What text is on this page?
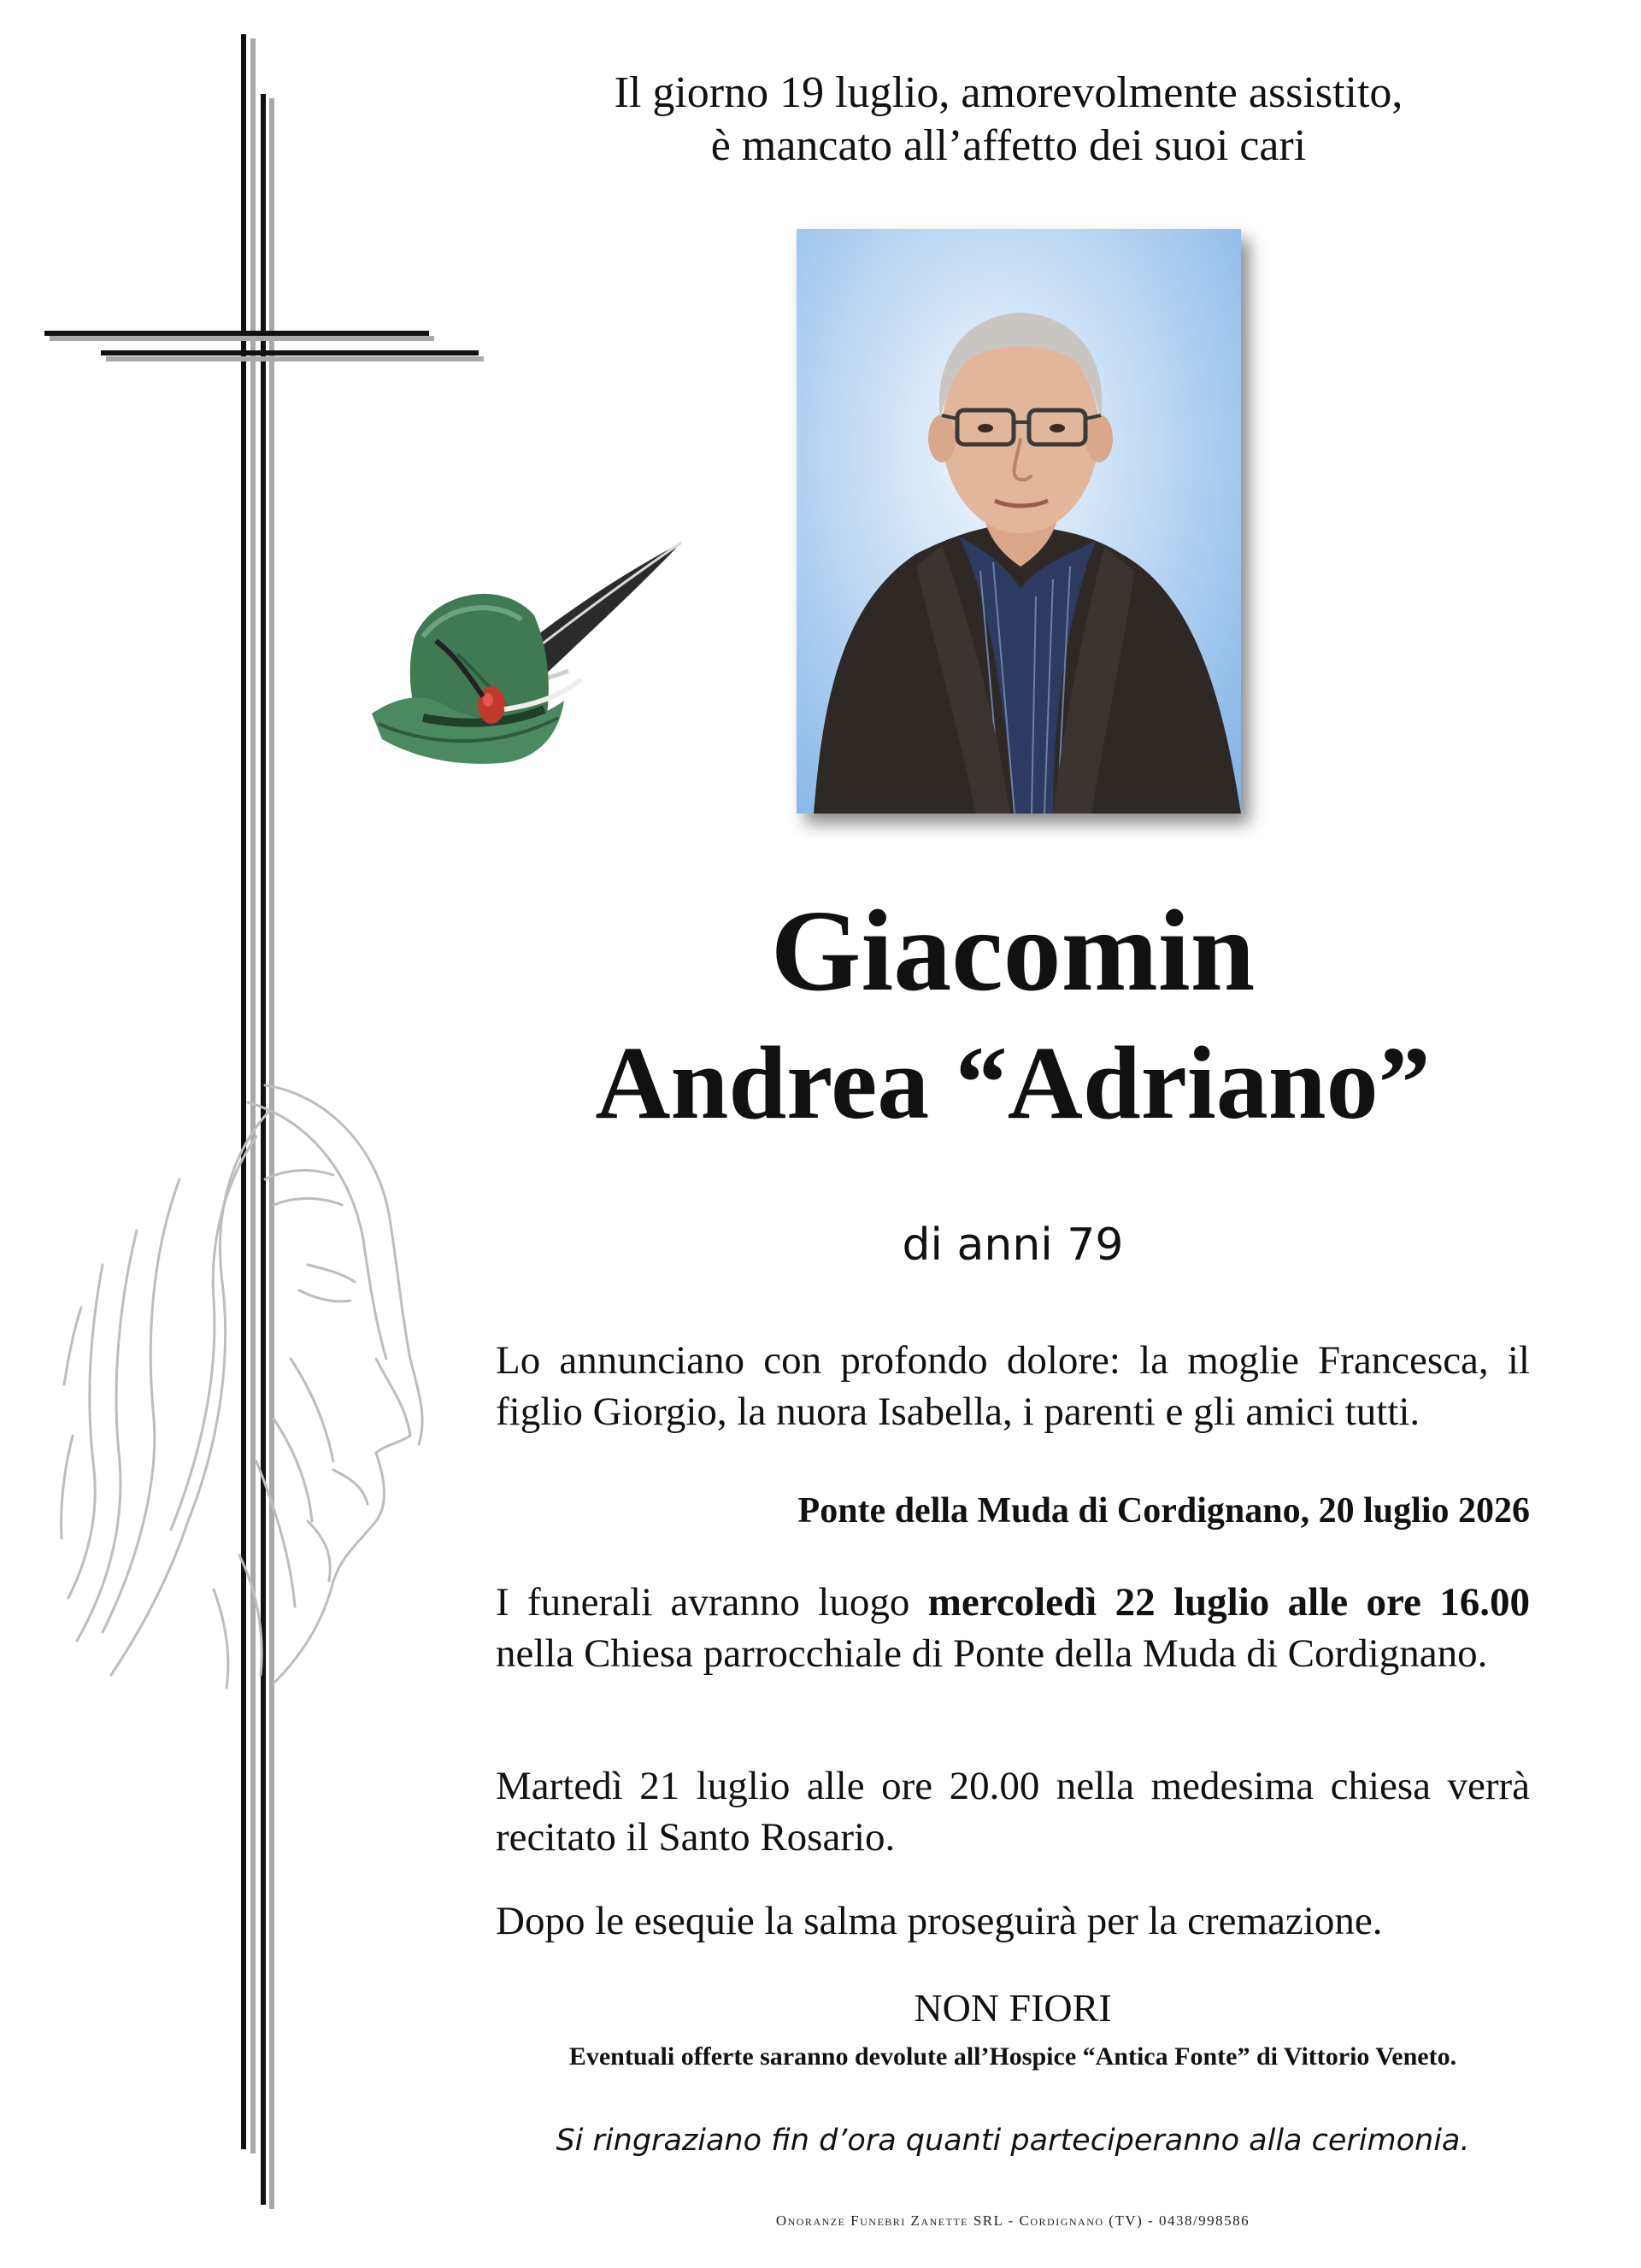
Il giorno 19 luglio, amorevolmente assistito,
è mancato all’affetto dei suoi cari
Giacomin
Andrea “Adriano”
di anni 79
Lo annunciano con profondo dolore: la moglie Francesca, il figlio Giorgio, la nuora Isabella, i parenti e gli amici tutti.
Ponte della Muda di Cordignano, 20 luglio 2026
I funerali avranno luogo mercoledì 22 luglio alle ore 16.00 nella Chiesa parrocchiale di Ponte della Muda di Cordignano.
Martedì 21 luglio alle ore 20.00 nella medesima chiesa verrà recitato il Santo Rosario.
Dopo le esequie la salma proseguirà per la cremazione.
NON FIORI
Eventuali offerte saranno devolute all’Hospice “Antica Fonte” di Vittorio Veneto.
Si ringraziano fin d’ora quanti parteciperanno alla cerimonia.
Onoranze Funebri Zanette SRL - Cordignano (TV) - 0438/998586
